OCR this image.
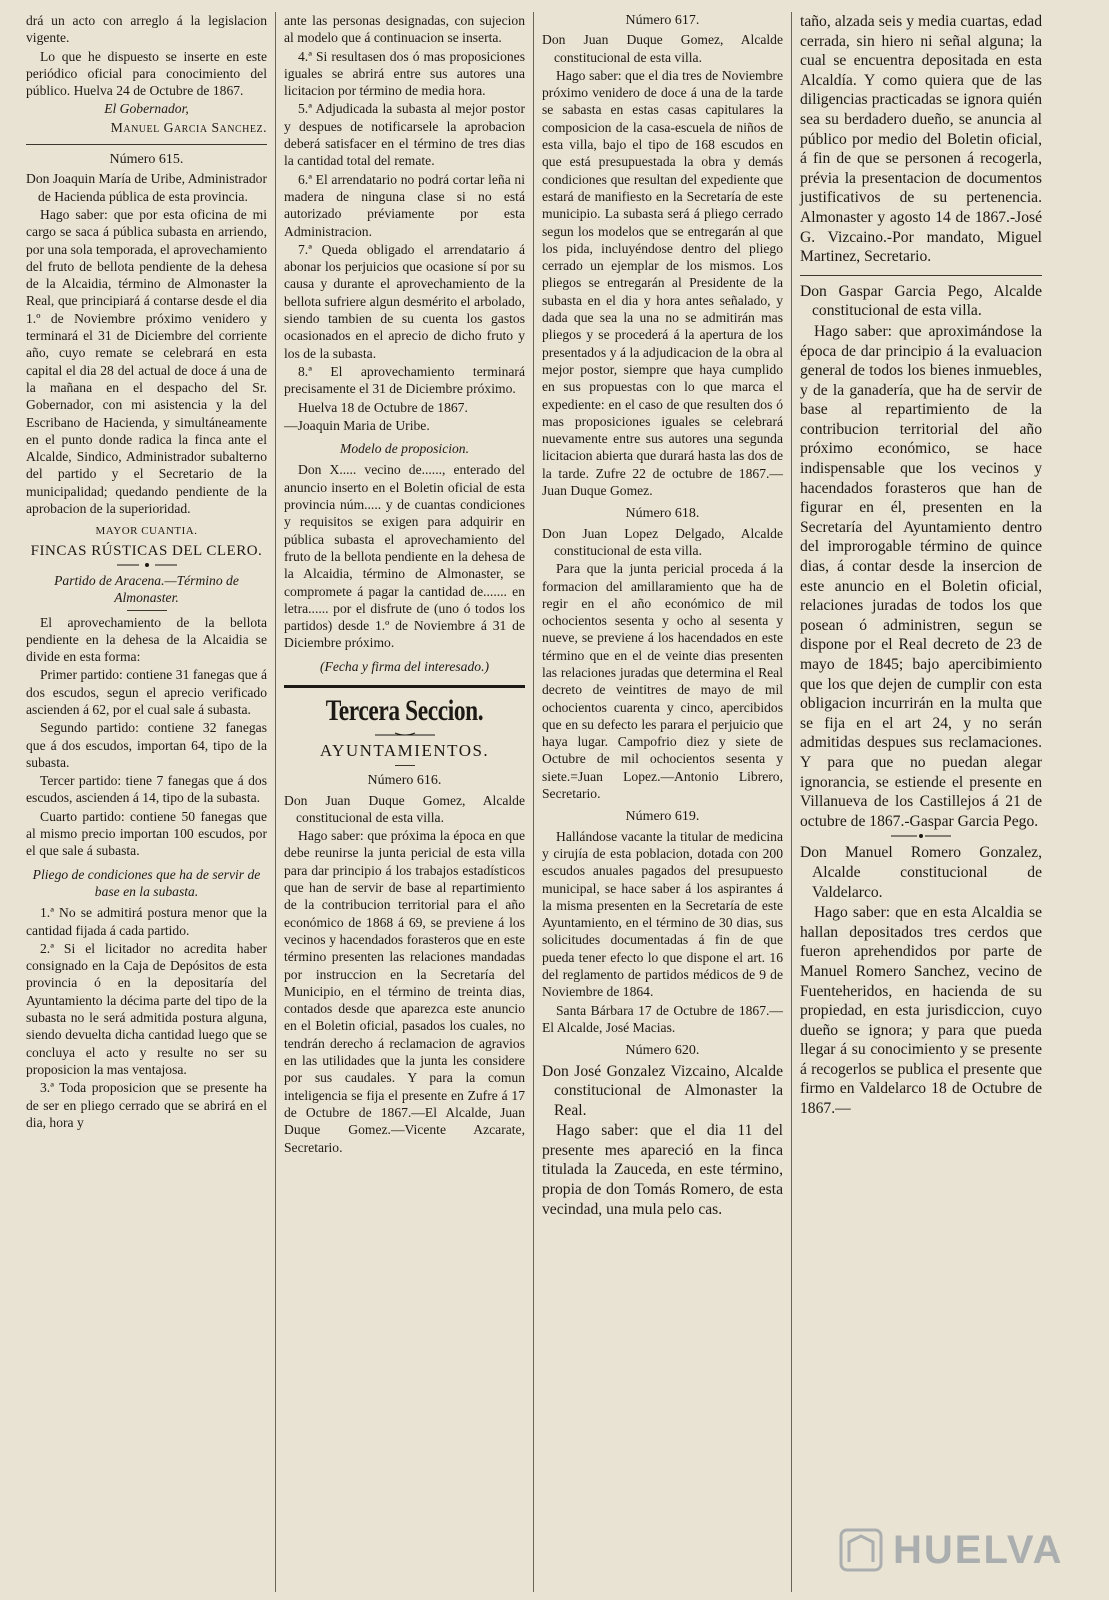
drá un acto con arreglo á la legislacion vigente.

Lo que he dispuesto se inserte en este periódico oficial para conocimiento del público. Huelva 24 de Octubre de 1867.

El Gobernador,

Manuel Garcia Sanchez.

Número 615.

Don Joaquin María de Uribe, Administrador de Hacienda pública de esta provincia.

Hago saber: que por esta oficina de mi cargo se saca á pública subasta en arriendo, por una sola temporada, el aprovechamiento del fruto de bellota pendiente de la dehesa de la Alcaidia, término de Almonaster la Real, que principiará á contarse desde el dia 1.º de Noviembre próximo venidero y terminará el 31 de Diciembre del corriente año, cuyo remate se celebrará en esta capital el dia 28 del actual de doce á una de la mañana en el despacho del Sr. Gobernador, con mi asistencia y la del Escribano de Hacienda, y simultáneamente en el punto donde radica la finca ante el Alcalde, Sindico, Administrador subalterno del partido y el Secretario de la municipalidad; quedando pendiente de la aprobacion de la superioridad.

MAYOR CUANTIA.
FINCAS RÚSTICAS DEL CLERO.

Partido de Aracena.—Término de Almonaster.

El aprovechamiento de la bellota pendiente en la dehesa de la Alcaidia se divide en esta forma:

Primer partido: contiene 31 fanegas que á dos escudos, segun el aprecio verificado ascienden á 62, por el cual sale á subasta.

Segundo partido: contiene 32 fanegas que á dos escudos, importan 64, tipo de la subasta.

Tercer partido: tiene 7 fanegas que á dos escudos, ascienden á 14, tipo de la subasta.

Cuarto partido: contiene 50 fanegas que al mismo precio importan 100 escudos, por el que sale á subasta.

Pliego de condiciones que ha de servir de base en la subasta.

1.ª No se admitirá postura menor que la cantidad fijada á cada partido.

2.ª Si el licitador no acredita haber consignado en la Caja de Depósitos de esta provincia ó en la depositaría del Ayuntamiento la décima parte del tipo de la subasta no le será admitida postura alguna, siendo devuelta dicha cantidad luego que se concluya el acto y resulte no ser su proposicion la mas ventajosa.

3.ª Toda proposicion que se presente ha de ser en pliego cerrado que se abrirá en el dia, hora y

ante las personas designadas, con sujecion al modelo que á continuacion se inserta.

4.ª Si resultasen dos ó mas proposiciones iguales se abrirá entre sus autores una licitacion por término de media hora.

5.ª Adjudicada la subasta al mejor postor y despues de notificarsele la aprobacion deberá satisfacer en el término de tres dias la cantidad total del remate.

6.ª El arrendatario no podrá cortar leña ni madera de ninguna clase si no está autorizado préviamente por esta Administracion.

7.ª Queda obligado el arrendatario á abonar los perjuicios que ocasione sí por su causa y durante el aprovechamiento de la bellota sufriere algun desmérito el arbolado, siendo tambien de su cuenta los gastos ocasionados en el aprecio de dicho fruto y los de la subasta.

8.ª El aprovechamiento terminará precisamente el 31 de Diciembre próximo.

Huelva 18 de Octubre de 1867.

—Joaquin Maria de Uribe.

Modelo de proposicion.

Don X..... vecino de......, enterado del anuncio inserto en el Boletin oficial de esta provincia núm..... y de cuantas condiciones y requisitos se exigen para adquirir en pública subasta el aprovechamiento del fruto de la bellota pendiente en la dehesa de la Alcaidia, término de Almonaster, se compromete á pagar la cantidad de....... en letra...... por el disfrute de (uno ó todos los partidos) desde 1.º de Noviembre á 31 de Diciembre próximo.

(Fecha y firma del interesado.)

Tercera Seccion.
AYUNTAMIENTOS.
Número 616.

Don Juan Duque Gomez, Alcalde constitucional de esta villa.

Hago saber: que próxima la época en que debe reunirse la junta pericial de esta villa para dar principio á los trabajos estadísticos que han de servir de base al repartimiento de la contribucion territorial para el año económico de 1868 á 69, se previene á los vecinos y hacendados forasteros que en este término presenten las relaciones mandadas por instruccion en la Secretaría del Municipio, en el término de treinta dias, contados desde que aparezca este anuncio en el Boletin oficial, pasados los cuales, no tendrán derecho á reclamacion de agravios en las utilidades que la junta les considere por sus caudales. Y para la comun inteligencia se fija el presente en Zufre á 17 de Octubre de 1867.—El Alcalde, Juan Duque Gomez.—Vicente Azcarate, Secretario.

Número 617.

Don Juan Duque Gomez, Alcalde constitucional de esta villa.

Hago saber: que el dia tres de Noviembre próximo venidero de doce á una de la tarde se sabasta en estas casas capitulares la composicion de la casa-escuela de niños de esta villa, bajo el tipo de 168 escudos en que está presupuestada la obra y demás condiciones que resultan del expediente que estará de manifiesto en la Secretaría de este municipio. La subasta será á pliego cerrado segun los modelos que se entregarán al que los pida, incluyéndose dentro del pliego cerrado un ejemplar de los mismos. Los pliegos se entregarán al Presidente de la subasta en el dia y hora antes señalado, y dada que sea la una no se admitirán mas pliegos y se procederá á la apertura de los presentados y á la adjudicacion de la obra al mejor postor, siempre que haya cumplido en sus propuestas con lo que marca el expediente: en el caso de que resulten dos ó mas proposiciones iguales se celebrará nuevamente entre sus autores una segunda licitacion abierta que durará hasta las dos de la tarde. Zufre 22 de octubre de 1867.—Juan Duque Gomez.

Número 618.

Don Juan Lopez Delgado, Alcalde constitucional de esta villa.

Para que la junta pericial proceda á la formacion del amillaramiento que ha de regir en el año económico de mil ochocientos sesenta y ocho al sesenta y nueve, se previene á los hacendados en este término que en el de veinte dias presenten las relaciones juradas que determina el Real decreto de veintitres de mayo de mil ochocientos cuarenta y cinco, apercibidos que en su defecto les parara el perjuicio que haya lugar. Campofrio diez y siete de Octubre de mil ochocientos sesenta y siete.=Juan Lopez.—Antonio Librero, Secretario.

Número 619.

Hallándose vacante la titular de medicina y cirujía de esta poblacion, dotada con 200 escudos anuales pagados del presupuesto municipal, se hace saber á los aspirantes á la misma presenten en la Secretaría de este Ayuntamiento, en el término de 30 dias, sus solicitudes documentadas á fin de que pueda tener efecto lo que dispone el art. 16 del reglamento de partidos médicos de 9 de Noviembre de 1864.

Santa Bárbara 17 de Octubre de 1867.—El Alcalde, José Macias.

Número 620.

Don José Gonzalez Vizcaino, Alcalde constitucional de Almonaster la Real.

Hago saber: que el dia 11 del presente mes apareció en la finca titulada la Zauceda, en este término, propia de don Tomás Romero, de esta vecindad, una mula pelo cas.

taño, alzada seis y media cuartas, edad cerrada, sin hiero ni señal alguna; la cual se encuentra depositada en esta Alcaldía. Y como quiera que de las diligencias practicadas se ignora quién sea su berdadero dueño, se anuncia al público por medio del Boletin oficial, á fin de que se personen á recogerla, prévia la presentacion de documentos justificativos de su pertenencia. Almonaster y agosto 14 de 1867.-José G. Vizcaino.-Por mandato, Miguel Martinez, Secretario.

Don Gaspar Garcia Pego, Alcalde constitucional de esta villa.

Hago saber: que aproximándose la época de dar principio á la evaluacion general de todos los bienes inmuebles, y de la ganadería, que ha de servir de base al repartimiento de la contribucion territorial del año próximo económico, se hace indispensable que los vecinos y hacendados forasteros que han de figurar en él, presenten en la Secretaría del Ayuntamiento dentro del improrogable término de quince dias, á contar desde la insercion de este anuncio en el Boletin oficial, relaciones juradas de todos los que posean ó administren, segun se dispone por el Real decreto de 23 de mayo de 1845; bajo apercibimiento que los que dejen de cumplir con esta obligacion incurrirán en la multa que se fija en el art 24, y no serán admitidas despues sus reclamaciones. Y para que no puedan alegar ignorancia, se estiende el presente en Villanueva de los Castillejos á 21 de octubre de 1867.-Gaspar Garcia Pego.

Don Manuel Romero Gonzalez, Alcalde constitucional de Valdelarco.

Hago saber: que en esta Alcaldia se hallan depositados tres cerdos que fueron aprehendidos por parte de Manuel Romero Sanchez, vecino de Fuenteheridos, en hacienda de su propiedad, en esta jurisdiccion, cuyo dueño se ignora; y para que pueda llegar á su conocimiento y se presente á recogerlos se publica el presente que firmo en Valdelarco 18 de Octubre de 1867.—

HUELVA
